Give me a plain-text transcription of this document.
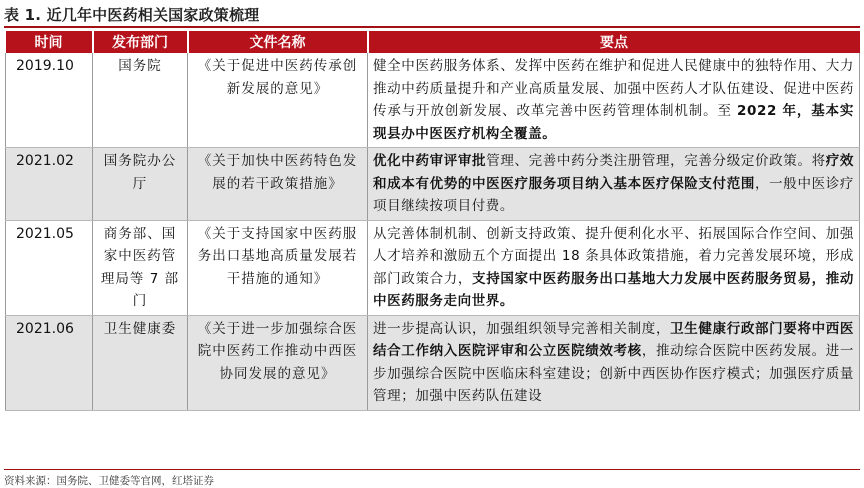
表 1. 近几年中医药相关国家政策梳理
时间	发布部门	文件名称	要点
2019.10	国务院	《关于促进中医药传承创新发展的意见》	健全中医药服务体系、发挥中医药在维护和促进人民健康中的独特作用、大力推动中药质量提升和产业高质量发展、加强中医药人才队伍建设、促进中医药传承与开放创新发展、改革完善中医药管理体制机制。至 2022 年，基本实现县办中医医疗机构全覆盖。
2021.02	国务院办公厅	《关于加快中医药特色发展的若干政策措施》	优化中药审评审批管理、完善中药分类注册管理，完善分级定价政策。将疗效和成本有优势的中医医疗服务项目纳入基本医疗保险支付范围，一般中医诊疗项目继续按项目付费。
2021.05	商务部、国家中医药管理局等 7 部门	《关于支持国家中医药服务出口基地高质量发展若干措施的通知》	从完善体制机制、创新支持政策、提升便利化水平、拓展国际合作空间、加强人才培养和激励五个方面提出 18 条具体政策措施，着力完善发展环境，形成部门政策合力，支持国家中医药服务出口基地大力发展中医药服务贸易，推动中医药服务走向世界。
2021.06	卫生健康委	《关于进一步加强综合医院中医药工作推动中西医协同发展的意见》	进一步提高认识，加强组织领导完善相关制度，卫生健康行政部门要将中西医结合工作纳入医院评审和公立医院绩效考核，推动综合医院中医药发展。进一步加强综合医院中医临床科室建设；创新中西医协作医疗模式；加强医疗质量管理；加强中医药队伍建设
资料来源：国务院、卫健委等官网，红塔证券
